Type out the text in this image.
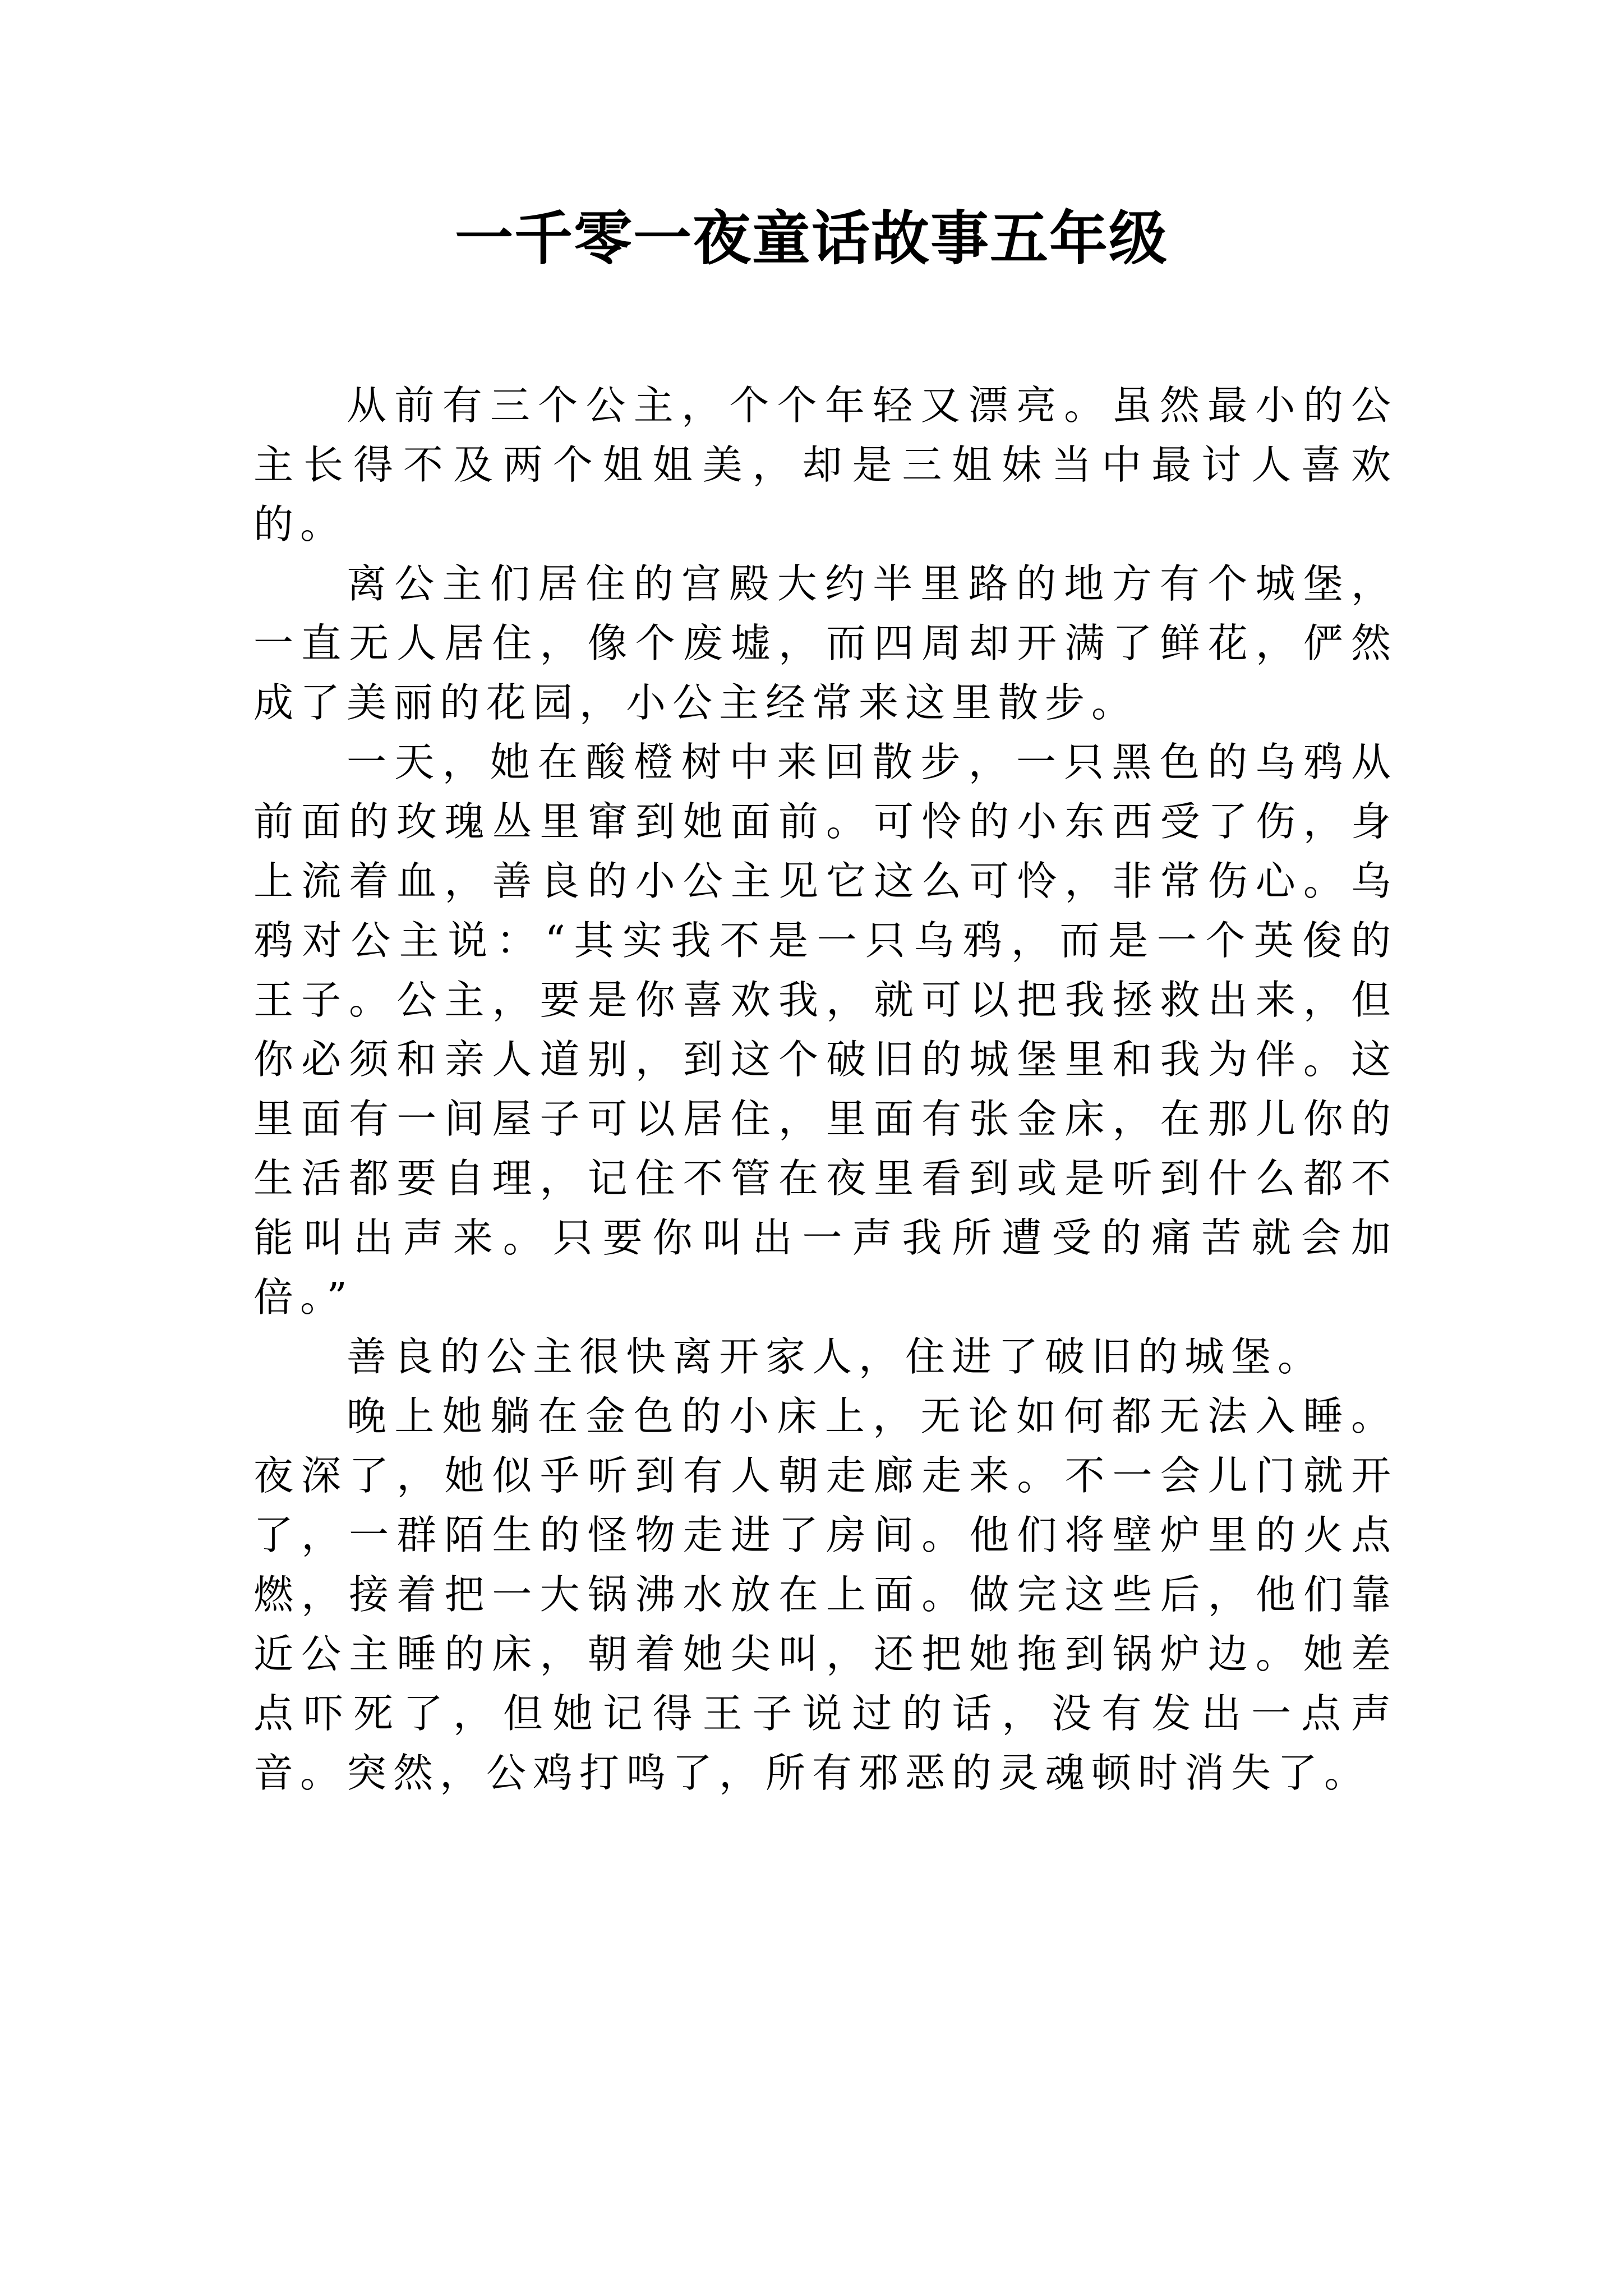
一千零一夜童话故事五年级

从前有三个公主，个个年轻又漂亮。虽然最小的公主长得不及两个姐姐美，却是三姐妹当中最讨人喜欢的。

离公主们居住的宫殿大约半里路的地方有个城堡，一直无人居住，像个废墟，而四周却开满了鲜花，俨然成了美丽的花园，小公主经常来这里散步。

一天，她在酸橙树中来回散步，一只黑色的乌鸦从前面的玫瑰丛里窜到她面前。可怜的小东西受了伤，身上流着血，善良的小公主见它这么可怜，非常伤心。乌鸦对公主说：“其实我不是一只乌鸦，而是一个英俊的王子。公主，要是你喜欢我，就可以把我拯救出来，但你必须和亲人道别，到这个破旧的城堡里和我为伴。这里面有一间屋子可以居住，里面有张金床，在那儿你的生活都要自理，记住不管在夜里看到或是听到什么都不能叫出声来。只要你叫出一声我所遭受的痛苦就会加倍。”

善良的公主很快离开家人，住进了破旧的城堡。

晚上她躺在金色的小床上，无论如何都无法入睡。夜深了，她似乎听到有人朝走廊走来。不一会儿门就开了，一群陌生的怪物走进了房间。他们将壁炉里的火点燃，接着把一大锅沸水放在上面。做完这些后，他们靠近公主睡的床，朝着她尖叫，还把她拖到锅炉边。她差点吓死了，但她记得王子说过的话，没有发出一点声音。突然，公鸡打鸣了，所有邪恶的灵魂顿时消失了。
